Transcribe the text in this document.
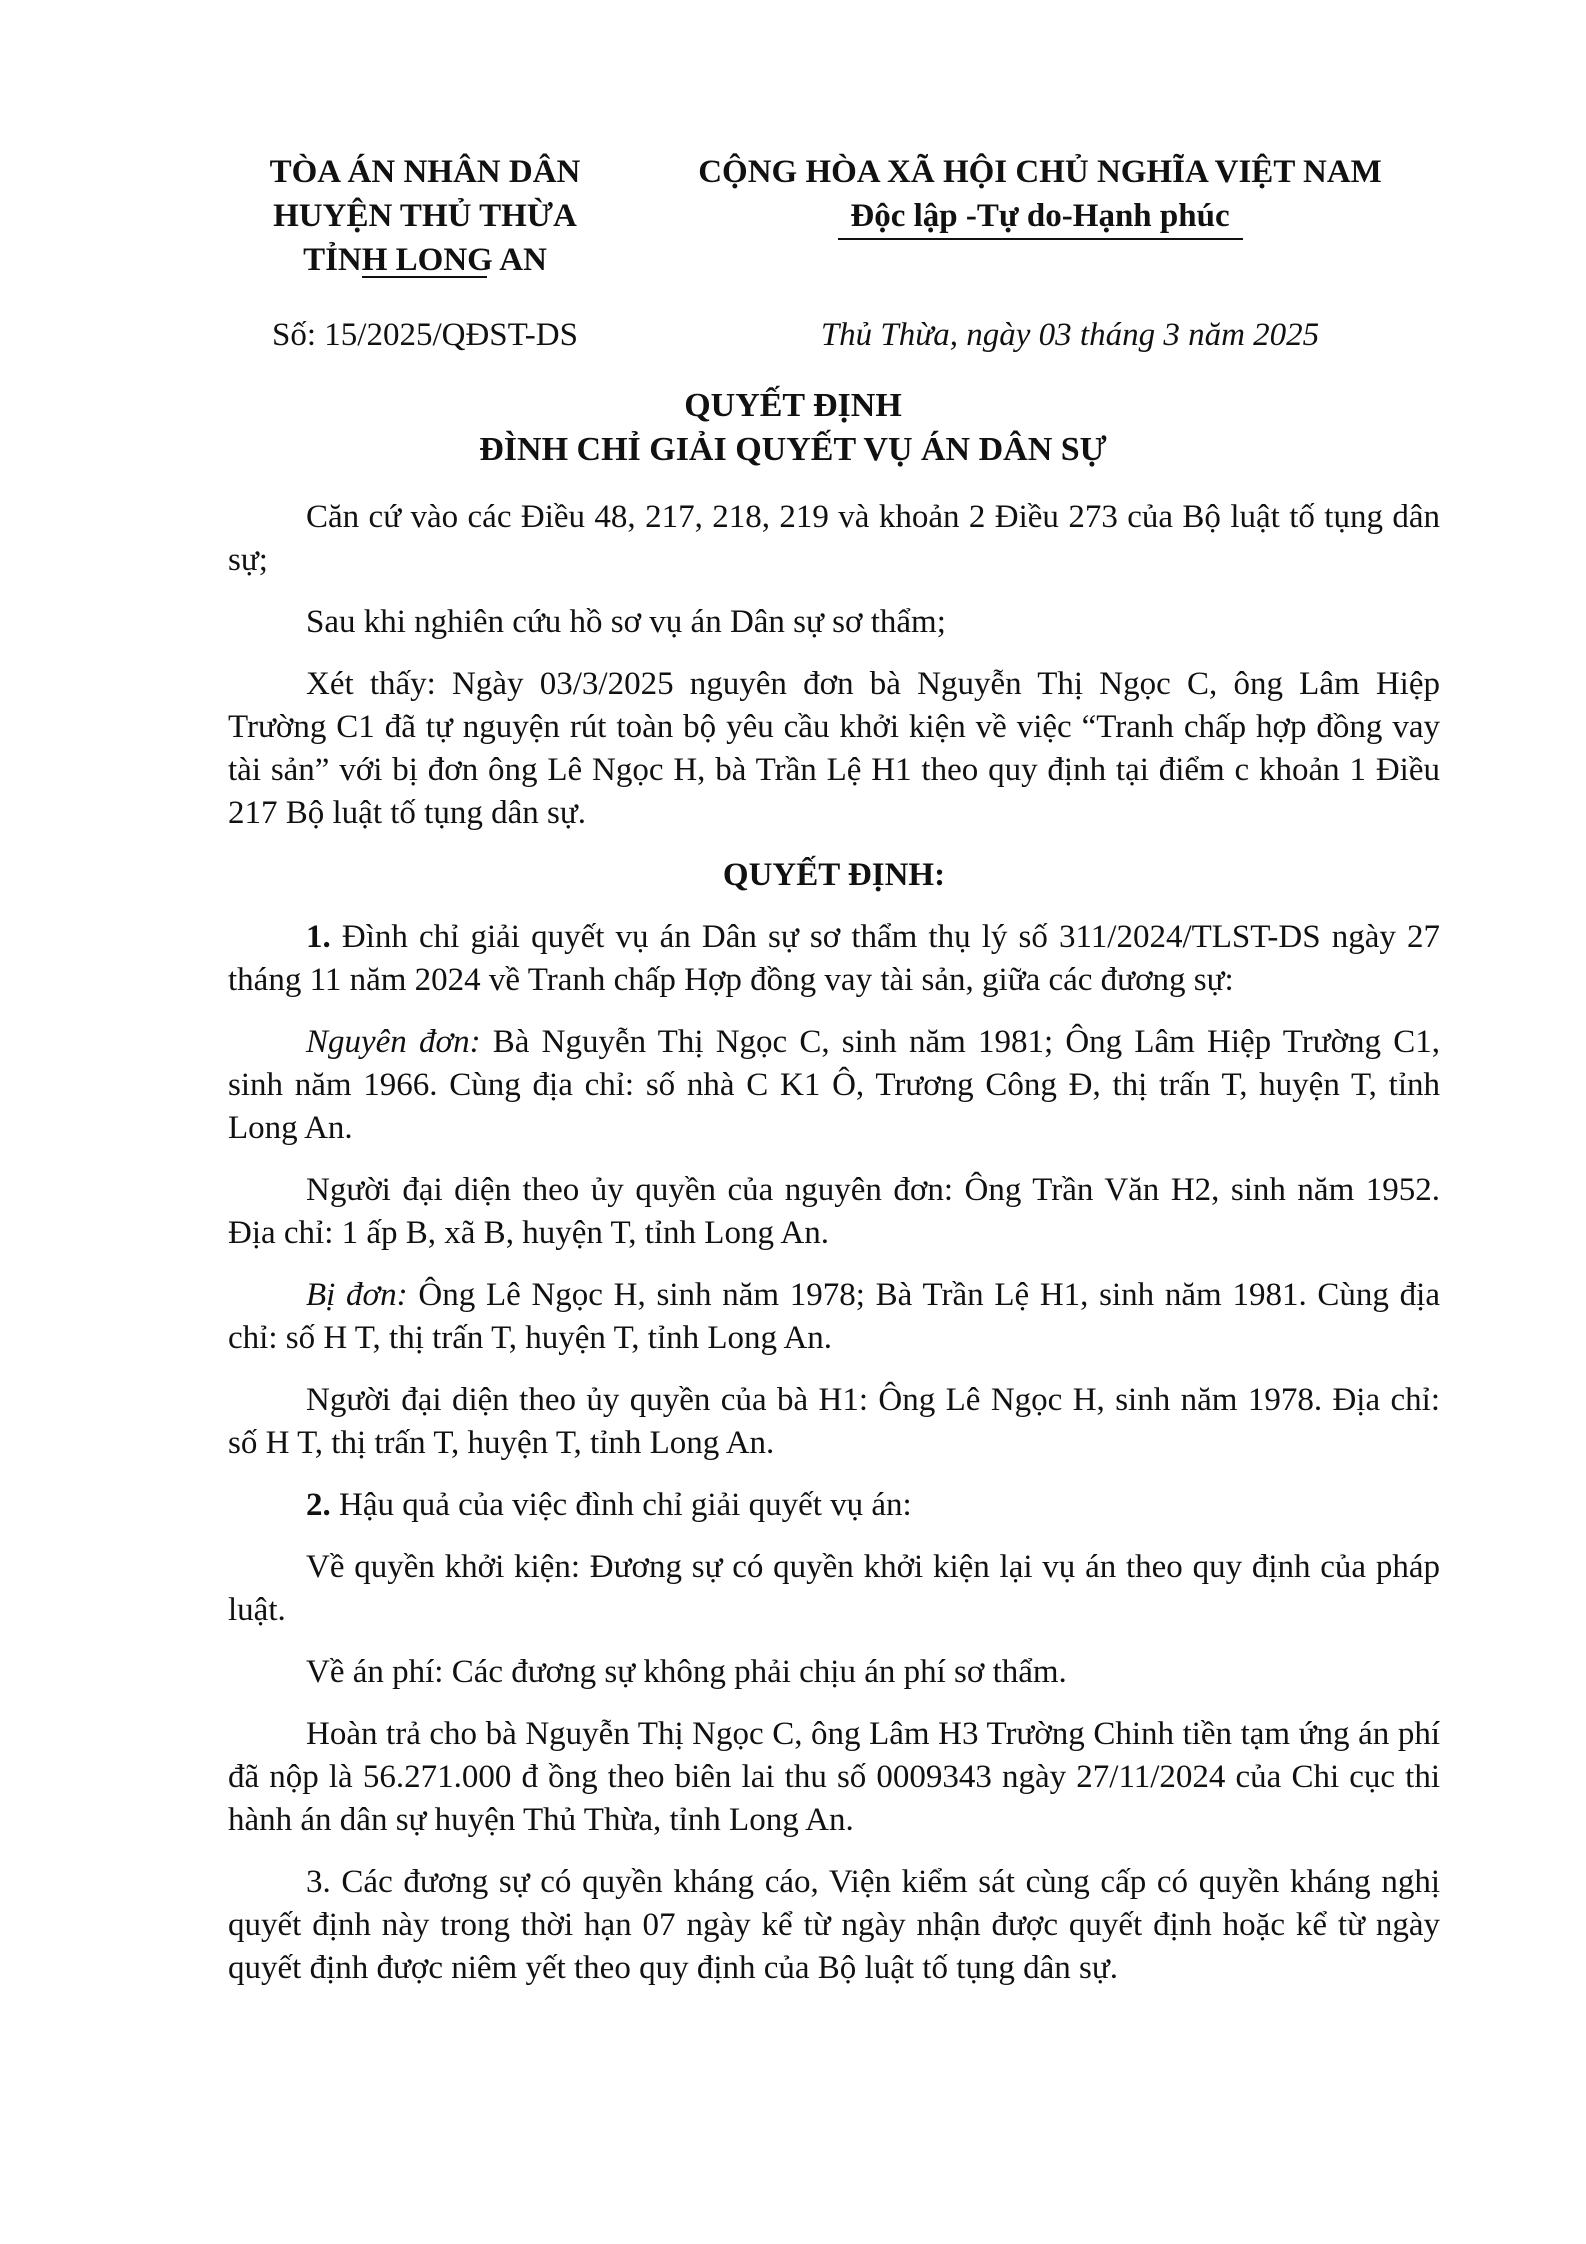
TÒA ÁN NHÂN DÂN
HUYỆN THỦ THỪA
TỈNH LONG AN
CỘNG HÒA XÃ HỘI CHỦ NGHĨA VIỆT NAM
Độc lập -Tự do-Hạnh phúc
Số: 15/2025/QĐST-DS	Thủ Thừa, ngày 03 tháng 3 năm 2025
QUYẾT ĐỊNH
ĐÌNH CHỈ GIẢI QUYẾT VỤ ÁN DÂN SỰ

Căn cứ vào các Điều 48, 217, 218, 219 và khoản 2 Điều 273 của Bộ luật tố tụng dân sự;

Sau khi nghiên cứu hồ sơ vụ án Dân sự sơ thẩm;

Xét thấy: Ngày 03/3/2025 nguyên đơn bà Nguyễn Thị Ngọc C, ông Lâm Hiệp Trường C1 đã tự nguyện rút toàn bộ yêu cầu khởi kiện về việc “Tranh chấp hợp đồng vay tài sản” với bị đơn ông Lê Ngọc H, bà Trần Lệ H1 theo quy định tại điểm c khoản 1 Điều 217 Bộ luật tố tụng dân sự.

QUYẾT ĐỊNH:

1. Đình chỉ giải quyết vụ án Dân sự sơ thẩm thụ lý số 311/2024/TLST-DS ngày 27 tháng 11 năm 2024 về Tranh chấp Hợp đồng vay tài sản, giữa các đương sự:

Nguyên đơn: Bà Nguyễn Thị Ngọc C, sinh năm 1981; Ông Lâm Hiệp Trường C1, sinh năm 1966. Cùng địa chỉ: số nhà C K1 Ô, Trương Công Đ, thị trấn T, huyện T, tỉnh Long An.

Người đại diện theo ủy quyền của nguyên đơn: Ông Trần Văn H2, sinh năm 1952. Địa chỉ: 1 ấp B, xã B, huyện T, tỉnh Long An.

Bị đơn: Ông Lê Ngọc H, sinh năm 1978; Bà Trần Lệ H1, sinh năm 1981. Cùng địa chỉ: số H T, thị trấn T, huyện T, tỉnh Long An.

Người đại diện theo ủy quyền của bà H1: Ông Lê Ngọc H, sinh năm 1978. Địa chỉ: số H T, thị trấn T, huyện T, tỉnh Long An.

2. Hậu quả của việc đình chỉ giải quyết vụ án:

Về quyền khởi kiện: Đương sự có quyền khởi kiện lại vụ án theo quy định của pháp luật.

Về án phí: Các đương sự không phải chịu án phí sơ thẩm.

Hoàn trả cho bà Nguyễn Thị Ngọc C, ông Lâm H3 Trường Chinh tiền tạm ứng án phí đã nộp là 56.271.000 đ ồng theo biên lai thu số 0009343 ngày 27/11/2024 của Chi cục thi hành án dân sự huyện Thủ Thừa, tỉnh Long An.

3. Các đương sự có quyền kháng cáo, Viện kiểm sát cùng cấp có quyền kháng nghị quyết định này trong thời hạn 07 ngày kể từ ngày nhận được quyết định hoặc kể từ ngày quyết định được niêm yết theo quy định của Bộ luật tố tụng dân sự.
